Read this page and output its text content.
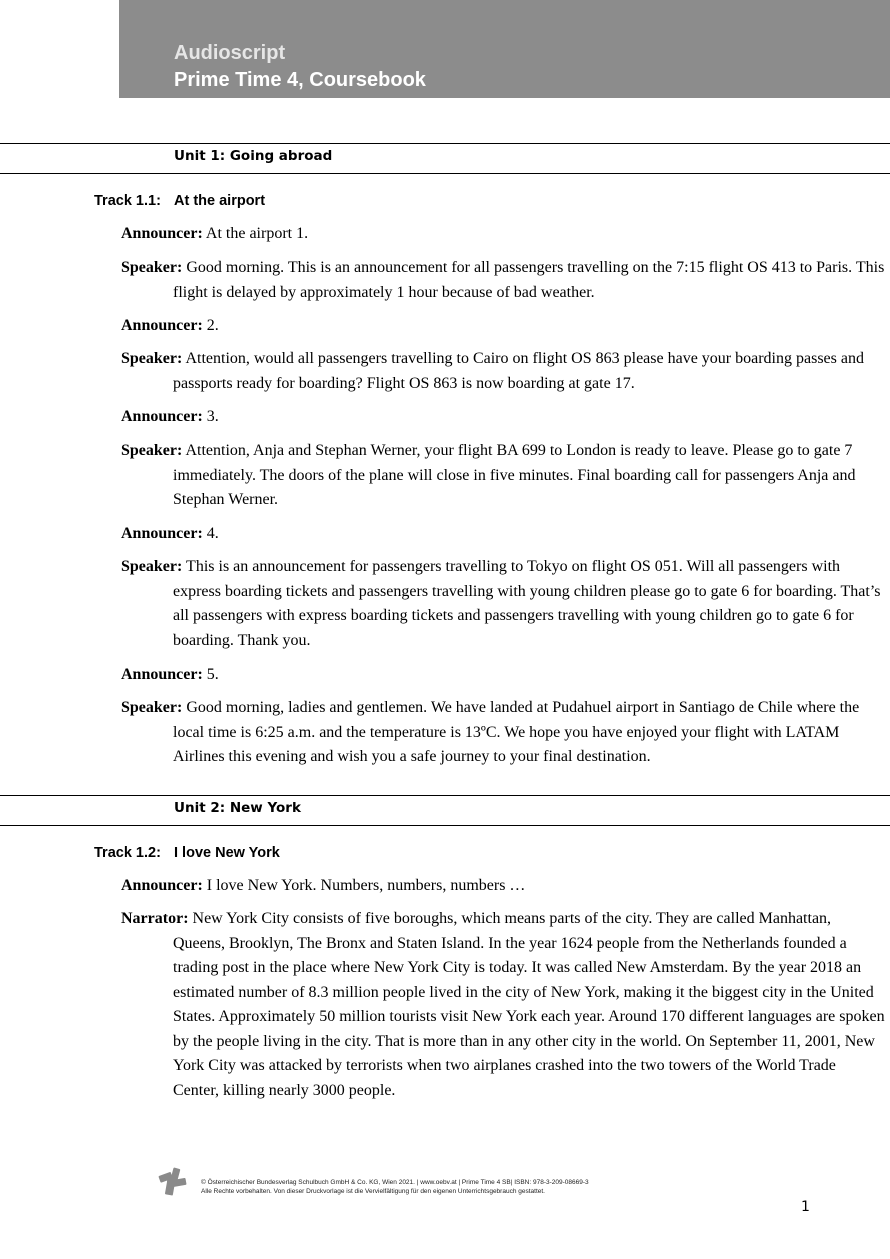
Audioscript
Prime Time 4, Coursebook
Unit 1: Going abroad
Track 1.1: At the airport
Announcer: At the airport 1.
Speaker: Good morning. This is an announcement for all passengers travelling on the 7:15 flight OS 413 to Paris. This flight is delayed by approximately 1 hour because of bad weather.
Announcer: 2.
Speaker: Attention, would all passengers travelling to Cairo on flight OS 863 please have your boarding passes and passports ready for boarding? Flight OS 863 is now boarding at gate 17.
Announcer: 3.
Speaker: Attention, Anja and Stephan Werner, your flight BA 699 to London is ready to leave. Please go to gate 7 immediately. The doors of the plane will close in five minutes. Final boarding call for passengers Anja and Stephan Werner.
Announcer: 4.
Speaker: This is an announcement for passengers travelling to Tokyo on flight OS 051. Will all passengers with express boarding tickets and passengers travelling with young children please go to gate 6 for boarding. That’s all passengers with express boarding tickets and passengers travelling with young children go to gate 6 for boarding. Thank you.
Announcer: 5.
Speaker: Good morning, ladies and gentlemen. We have landed at Pudahuel airport in Santiago de Chile where the local time is 6:25 a.m. and the temperature is 13ºC. We hope you have enjoyed your flight with LATAM Airlines this evening and wish you a safe journey to your final destination.
Unit 2: New York
Track 1.2: I love New York
Announcer: I love New York. Numbers, numbers, numbers …
Narrator: New York City consists of five boroughs, which means parts of the city. They are called Manhattan, Queens, Brooklyn, The Bronx and Staten Island. In the year 1624 people from the Netherlands founded a trading post in the place where New York City is today. It was called New Amsterdam. By the year 2018 an estimated number of 8.3 million people lived in the city of New York, making it the biggest city in the United States. Approximately 50 million tourists visit New York each year. Around 170 different languages are spoken by the people living in the city. That is more than in any other city in the world. On September 11, 2001, New York City was attacked by terrorists when two airplanes crashed into the two towers of the World Trade Center, killing nearly 3000 people.
© Österreichischer Bundesverlag Schulbuch GmbH & Co. KG, Wien 2021. | www.oebv.at | Prime Time 4 SB| ISBN: 978-3-209-08669-3
Alle Rechte vorbehalten. Von dieser Druckvorlage ist die Vervielfältigung für den eigenen Unterrichtsgebrauch gestattet.
1
